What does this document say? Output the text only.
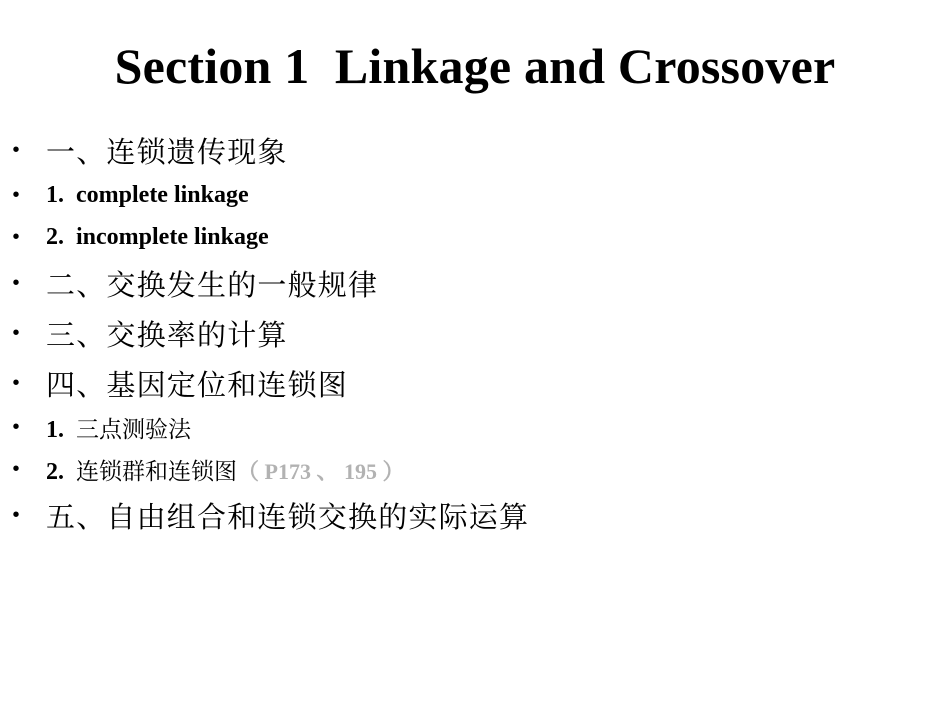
Section 1  Linkage and Crossover
• 一、连锁遗传现象
• 1.  complete linkage
• 2.  incomplete linkage
• 二、交换发生的一般规律
• 三、交换率的计算
• 四、基因定位和连锁图
• 1.  三点测验法
• 2.  连锁群和连锁图（ P173 、 195 ）
• 五、自由组合和连锁交换的实际运算
